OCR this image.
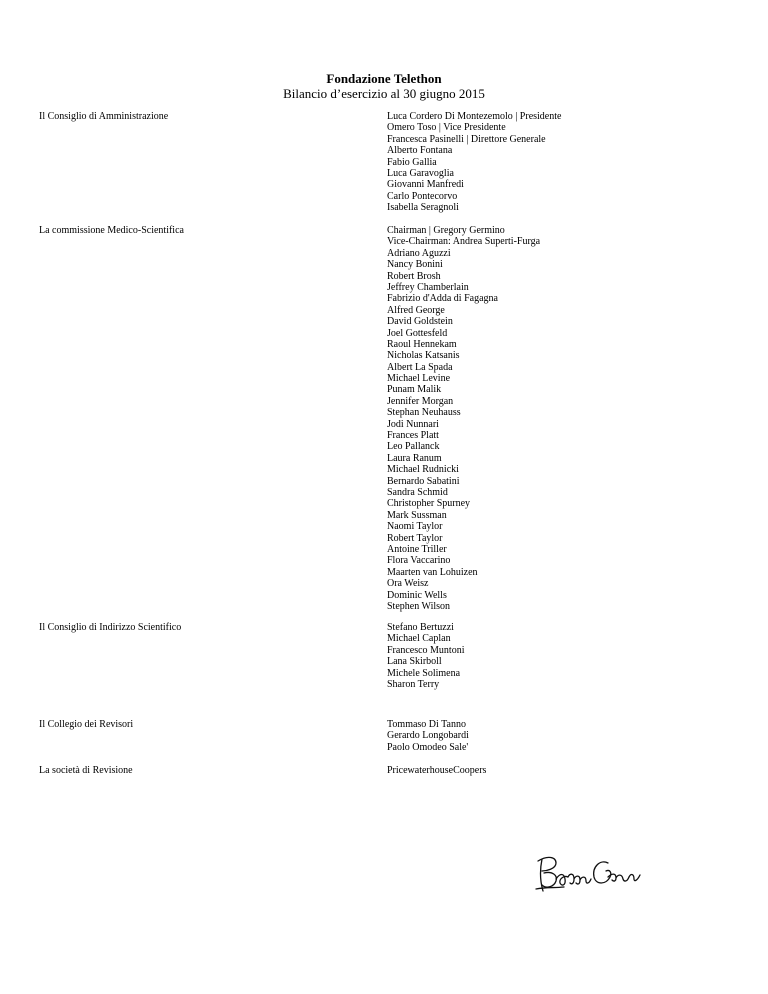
Fondazione Telethon
Bilancio d’esercizio al 30 giugno 2015
Il Consiglio di Amministrazione	Luca Cordero Di Montezemolo | Presidente
Omero Toso | Vice Presidente
Francesca Pasinelli | Direttore Generale
Alberto Fontana
Fabio Gallia
Luca Garavoglia
Giovanni Manfredi
Carlo Pontecorvo
Isabella Seragnoli
La commissione Medico-Scientifica	Chairman | Gregory Germino
Vice-Chairman: Andrea Superti-Furga
Adriano Aguzzi
Nancy Bonini
Robert Brosh
Jeffrey Chamberlain
Fabrizio d'Adda di Fagagna
Alfred George
David Goldstein
Joel Gottesfeld
Raoul Hennekam
Nicholas Katsanis
Albert La Spada
Michael Levine
Punam Malik
Jennifer Morgan
Stephan Neuhauss
Jodi Nunnari
Frances Platt
Leo Pallanck
Laura Ranum
Michael Rudnicki
Bernardo Sabatini
Sandra Schmid
Christopher Spurney
Mark Sussman
Naomi Taylor
Robert Taylor
Antoine Triller
Flora Vaccarino
Maarten van Lohuizen
Ora Weisz
Dominic Wells
Stephen Wilson
Il Consiglio di Indirizzo Scientifico	Stefano Bertuzzi
Michael Caplan
Francesco Muntoni
Lana Skirboll
Michele Solimena
Sharon Terry
Il Collegio dei Revisori	Tommaso Di Tanno
Gerardo Longobardi
Paolo Omodeo Sale'
La società di Revisione	PricewaterhouseCoopers
